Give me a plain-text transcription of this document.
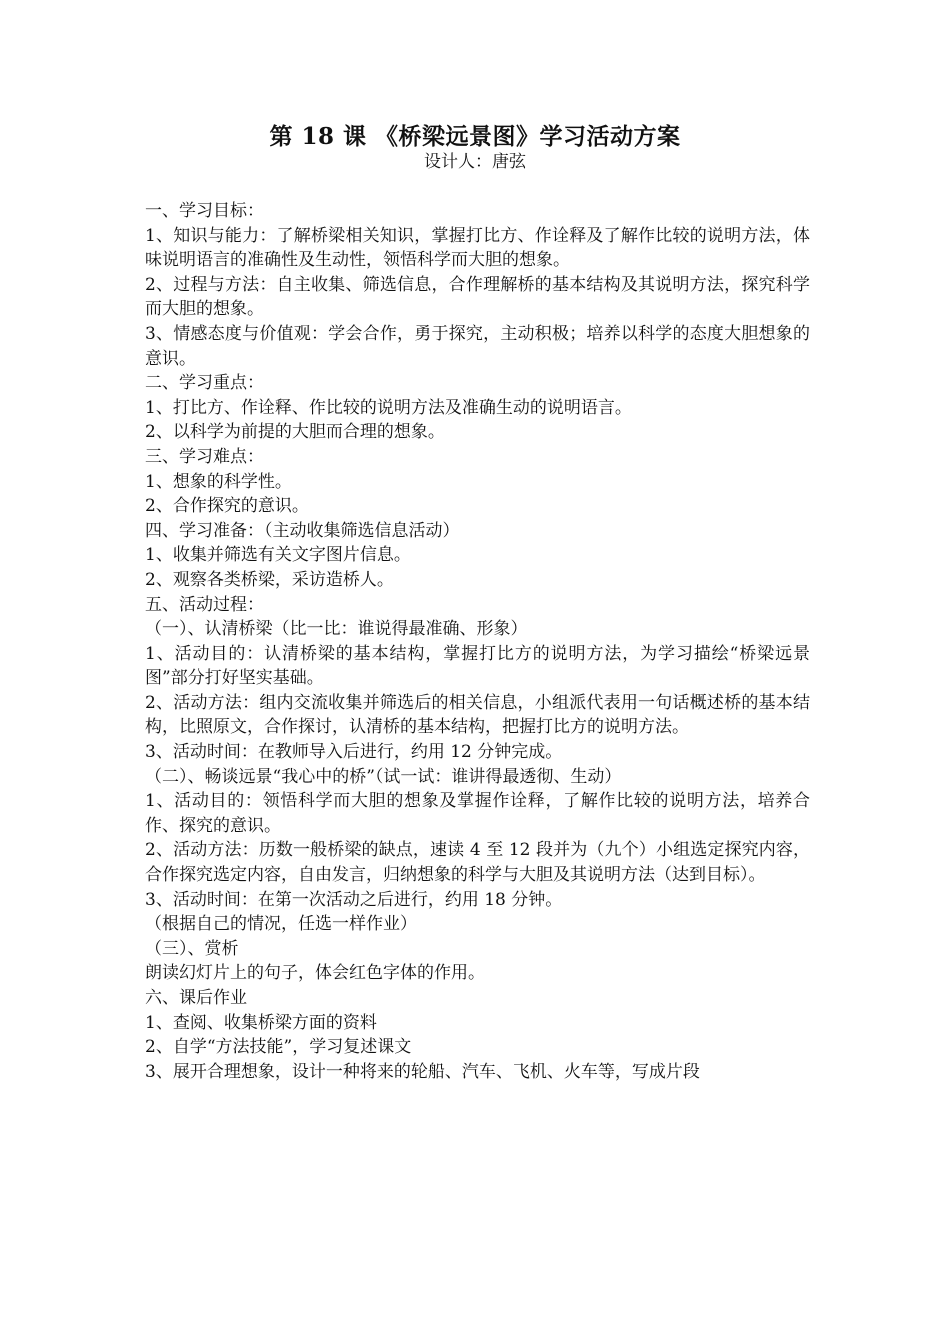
第 18 课 《桥梁远景图》学习活动方案
设计人：唐弦

一、学习目标：

1、知识与能力：了解桥梁相关知识，掌握打比方、作诠释及了解作比较的说明方法，体味说明语言的准确性及生动性，领悟科学而大胆的想象。

2、过程与方法：自主收集、筛选信息，合作理解桥的基本结构及其说明方法，探究科学而大胆的想象。

3、情感态度与价值观：学会合作，勇于探究，主动积极；培养以科学的态度大胆想象的意识。

二、学习重点：

1、打比方、作诠释、作比较的说明方法及准确生动的说明语言。

2、以科学为前提的大胆而合理的想象。

三、学习难点：

1、想象的科学性。

2、合作探究的意识。

四、学习准备：（主动收集筛选信息活动）

1、收集并筛选有关文字图片信息。

2、观察各类桥梁，采访造桥人。

五、活动过程：

（一）、认清桥梁（比一比：谁说得最准确、形象）

1、活动目的：认清桥梁的基本结构，掌握打比方的说明方法，为学习描绘“桥梁远景图”部分打好坚实基础。

2、活动方法：组内交流收集并筛选后的相关信息，小组派代表用一句话概述桥的基本结构，比照原文，合作探讨，认清桥的基本结构，把握打比方的说明方法。

3、活动时间：在教师导入后进行，约用 12 分钟完成。

（二）、畅谈远景“我心中的桥”（试一试：谁讲得最透彻、生动）

1、活动目的：领悟科学而大胆的想象及掌握作诠释，了解作比较的说明方法，培养合作、探究的意识。

2、活动方法：历数一般桥梁的缺点，速读 4 至 12 段并为（九个）小组选定探究内容，合作探究选定内容，自由发言，归纳想象的科学与大胆及其说明方法（达到目标）。

3、活动时间：在第一次活动之后进行，约用 18 分钟。

（根据自己的情况，任选一样作业）

（三）、赏析

朗读幻灯片上的句子，体会红色字体的作用。

六、课后作业

1、查阅、收集桥梁方面的资料

2、自学“方法技能”，学习复述课文

3、展开合理想象，设计一种将来的轮船、汽车、飞机、火车等，写成片段
